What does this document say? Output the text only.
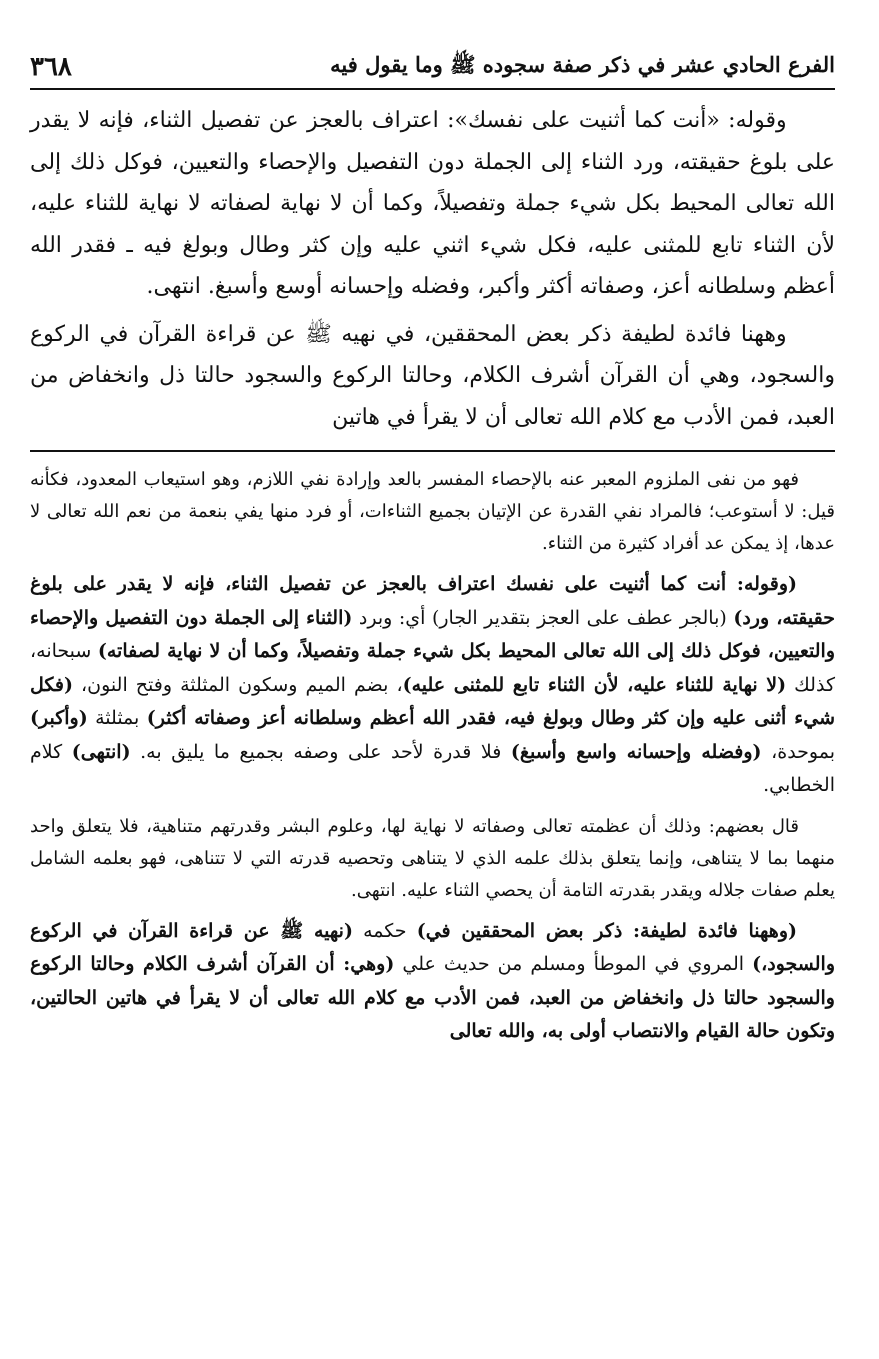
الفرع الحادي عشر في ذكر صفة سجوده ﷺ وما يقول فيه
٣٦٨

وقوله: «أنت كما أثنيت على نفسك»: اعتراف بالعجز عن تفصيل الثناء، فإنه لا يقدر على بلوغ حقيقته، ورد الثناء إلى الجملة دون التفصيل والإحصاء والتعيين، فوكل ذلك إلى الله تعالى المحيط بكل شيء جملة وتفصيلاً، وكما أن لا نهاية لصفاته لا نهاية للثناء عليه، لأن الثناء تابع للمثنى عليه، فكل شيء اثني عليه وإن كثر وطال وبولغ فيه ـ فقدر الله أعظم وسلطانه أعز، وصفاته أكثر وأكبر، وفضله وإحسانه أوسع وأسبغ. انتهى.

وههنا فائدة لطيفة ذكر بعض المحققين، في نهيه ﷺ عن قراءة القرآن في الركوع والسجود، وهي أن القرآن أشرف الكلام، وحالتا الركوع والسجود حالتا ذل وانخفاض من العبد، فمن الأدب مع كلام الله تعالى أن لا يقرأ في هاتين

فهو من نفى الملزوم المعبر عنه بالإحصاء المفسر بالعد وإرادة نفي اللازم، وهو استيعاب المعدود، فكأنه قيل: لا أستوعب؛ فالمراد نفي القدرة عن الإتيان بجميع الثناءات، أو فرد منها يفي بنعمة من نعم الله تعالى لا عدها، إذ يمكن عد أفراد كثيرة من الثناء.

(وقوله: أنت كما أثنيت على نفسك اعتراف بالعجز عن تفصيل الثناء، فإنه لا يقدر على بلوغ حقيقته، ورد) (بالجر عطف على العجز بتقدير الجار) أي: وبرد (الثناء إلى الجملة دون التفصيل والإحصاء والتعيين، فوكل ذلك إلى الله تعالى المحيط بكل شيء جملة وتفصيلاً، وكما أن لا نهاية لصفاته) سبحانه، كذلك (لا نهاية للثناء عليه، لأن الثناء تابع للمثنى عليه)، بضم الميم وسكون المثلثة وفتح النون، (فكل شيء أثنى عليه وإن كثر وطال وبولغ فيه، فقدر الله أعظم وسلطانه أعز وصفاته أكثر) بمثلثة (وأكبر) بموحدة، (وفضله وإحسانه واسع وأسبغ) فلا قدرة لأحد على وصفه بجميع ما يليق به. (انتهى) كلام الخطابي.

قال بعضهم: وذلك أن عظمته تعالى وصفاته لا نهاية لها، وعلوم البشر وقدرتهم متناهية، فلا يتعلق واحد منهما بما لا يتناهى، وإنما يتعلق بذلك علمه الذي لا يتناهى وتحصيه قدرته التي لا تتناهى، فهو بعلمه الشامل يعلم صفات جلاله ويقدر بقدرته التامة أن يحصي الثناء عليه. انتهى.

(وههنا فائدة لطيفة: ذكر بعض المحققين في) حكمه (نهيه ﷺ عن قراءة القرآن في الركوع والسجود،) المروي في الموطأ ومسلم من حديث علي (وهي: أن القرآن أشرف الكلام وحالتا الركوع والسجود حالتا ذل وانخفاض من العبد، فمن الأدب مع كلام الله تعالى أن لا يقرأ في هاتين الحالتين، وتكون حالة القيام والانتصاب أولى به، والله تعالى
